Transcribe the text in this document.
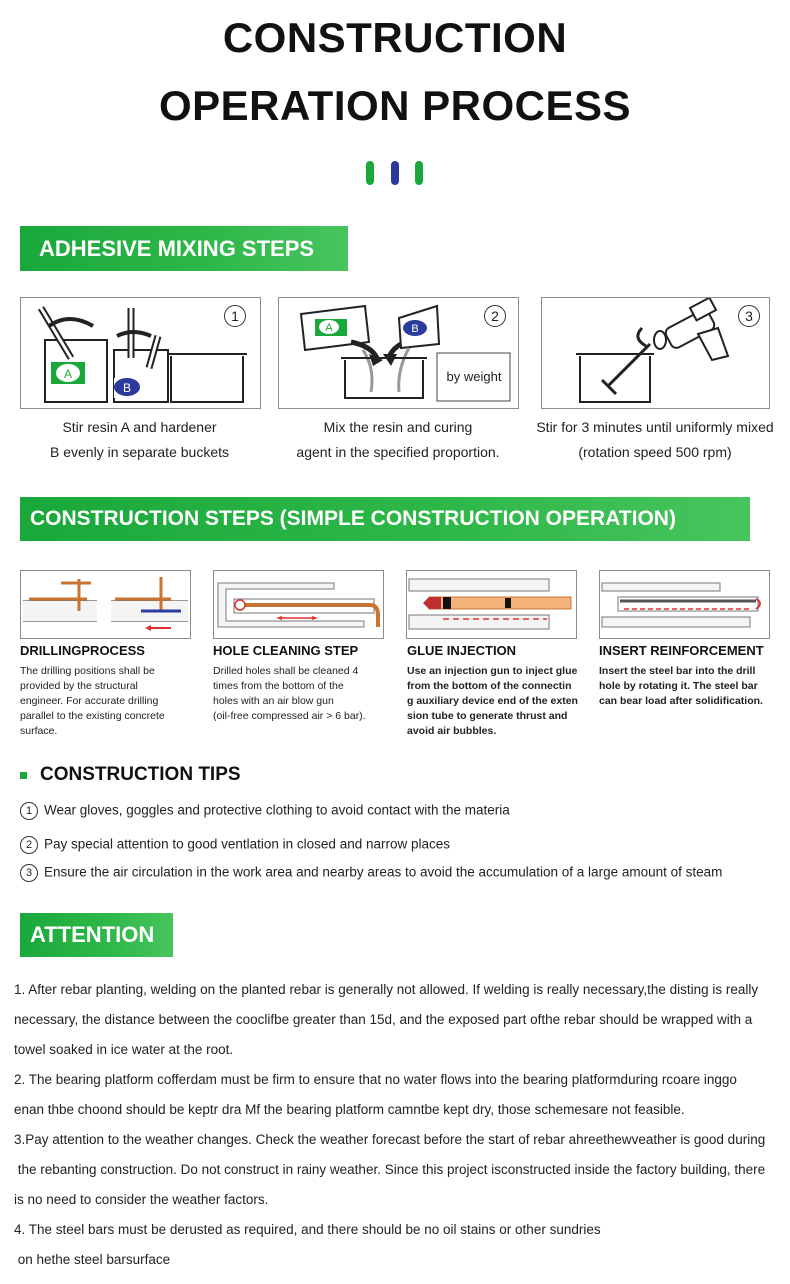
CONSTRUCTION
OPERATION PROCESS
ADHESIVE MIXING STEPS
1
A
B
Stir resin A and hardener
B evenly in separate buckets
2
A	B
by weight
Mix the resin and curing
agent in the specified proportion.
3
Stir for 3 minutes until uniformly mixed
(rotation speed 500 rpm)
CONSTRUCTION STEPS (SIMPLE CONSTRUCTION OPERATION)
DRILLINGPROCESS
The drilling positions shall be
provided by the structural
engineer. For accurate drilling
parallel to the existing concrete
surface.
HOLE CLEANING STEP
Drilled holes shall be cleaned 4
times from the bottom of the
holes with an air blow gun
(oil-free compressed air > 6 bar).
GLUE INJECTION
Use an injection gun to inject glue
from the bottom of the connectin
g auxiliary device end of the exten
sion tube to generate thrust and
avoid air bubbles.
INSERT REINFORCEMENT
Insert the steel bar into the drill
hole by rotating it. The steel bar
can bear load after solidification.
CONSTRUCTION TIPS
1 Wear gloves, goggles and protective clothing to avoid contact with the materia
2 Pay special attention to good ventlation in closed and narrow places
3 Ensure the air circulation in the work area and nearby areas to avoid the accumulation of a large amount of steam
ATTENTION
1. After rebar planting, welding on the planted rebar is generally not allowed. If welding is really necessary,the disting is really
necessary, the distance between the cooclifbe greater than 15d, and the exposed part ofthe rebar should be wrapped with a
towel soaked in ice water at the root.
2. The bearing platform cofferdam must be firm to ensure that no water flows into the bearing platformduring rcoare inggo
enan thbe choond should be keptr dra Mf the bearing platform camntbe kept dry, those schemesare not feasible.
3.Pay attention to the weather changes. Check the weather forecast before the start of rebar ahreethewveather is good during
the rebanting construction. Do not construct in rainy weather. Since this project isconstructed inside the factory building, there
is no need to consider the weather factors.
4. The steel bars must be derusted as required, and there should be no oil stains or other sundries
on hethe steel barsurface
